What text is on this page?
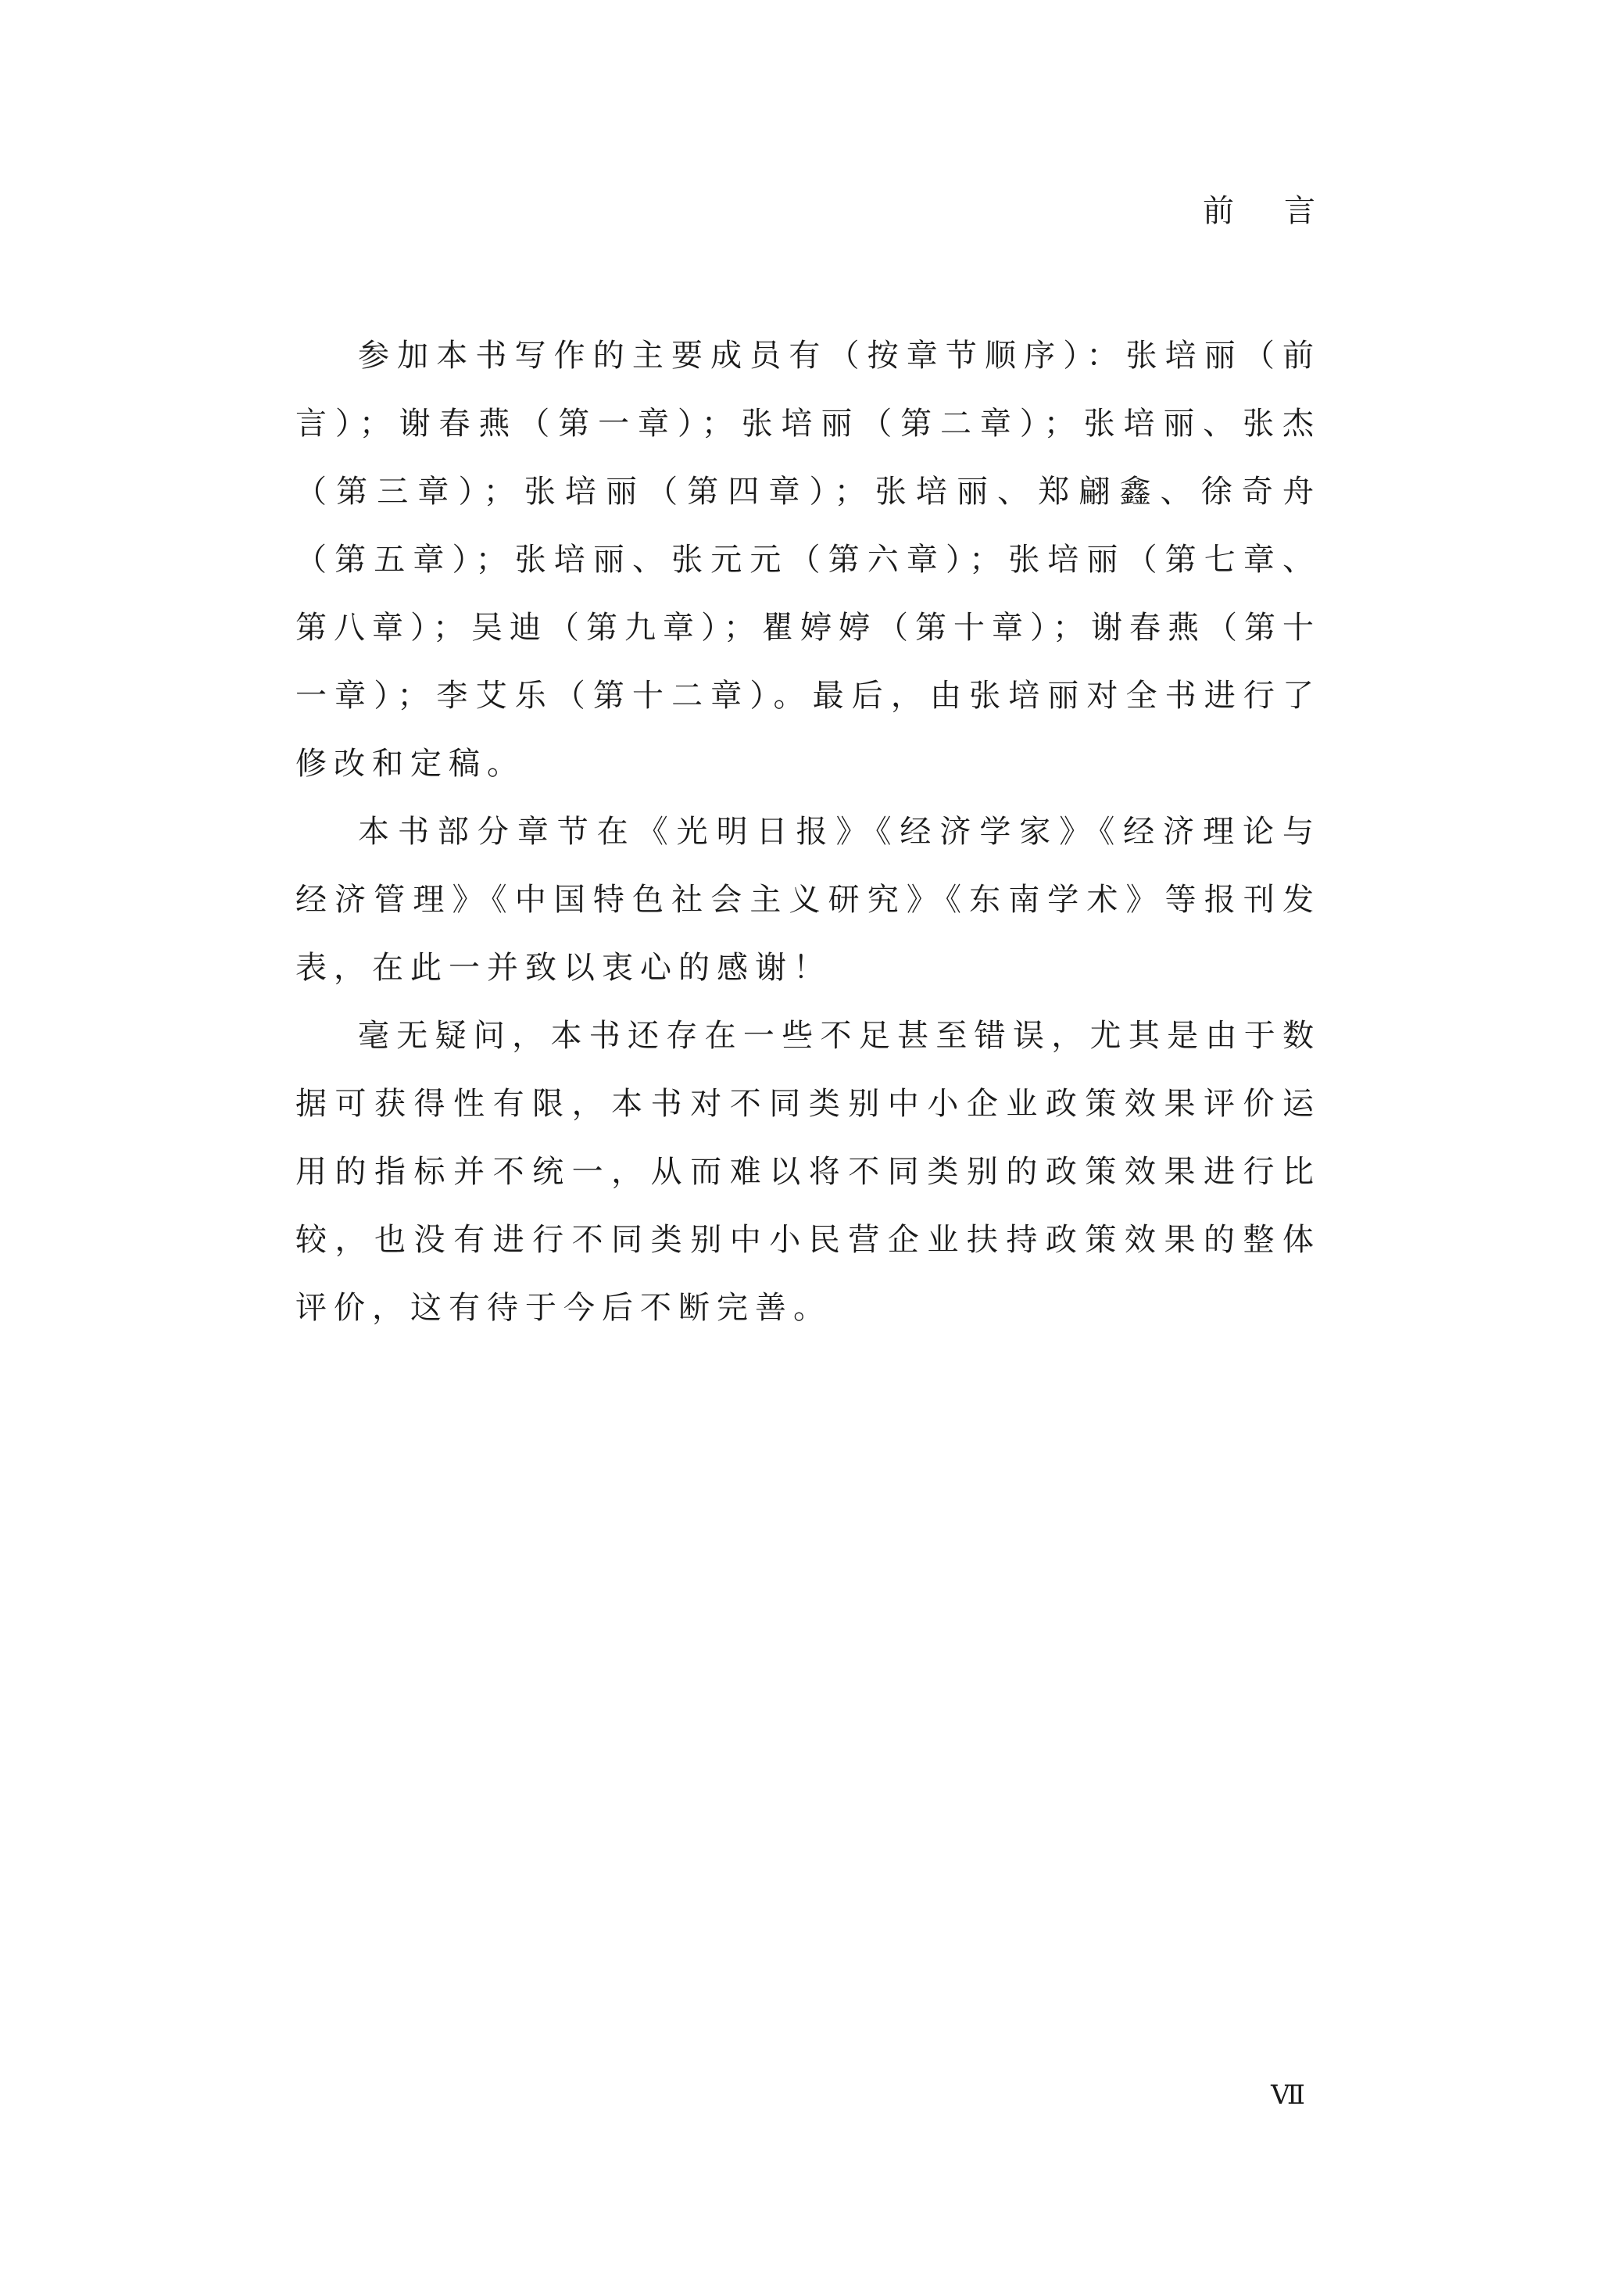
前言

参加本书写作的主要成员有（按章节顺序）：张培丽（前言）；谢春燕（第一章）；张培丽（第二章）；张培丽、张杰（第三章）；张培丽（第四章）；张培丽、郑翩鑫、徐奇舟（第五章）；张培丽、张元元（第六章）；张培丽（第七章、第八章）；吴迪（第九章）；瞿婷婷（第十章）；谢春燕（第十一章）；李艾乐（第十二章）。最后，由张培丽对全书进行了修改和定稿。

本书部分章节在《光明日报》《经济学家》《经济理论与经济管理》《中国特色社会主义研究》《东南学术》等报刊发表，在此一并致以衷心的感谢！

毫无疑问，本书还存在一些不足甚至错误，尤其是由于数据可获得性有限，本书对不同类别中小企业政策效果评价运用的指标并不统一，从而难以将不同类别的政策效果进行比较，也没有进行不同类别中小民营企业扶持政策效果的整体评价，这有待于今后不断完善。

Ⅶ
